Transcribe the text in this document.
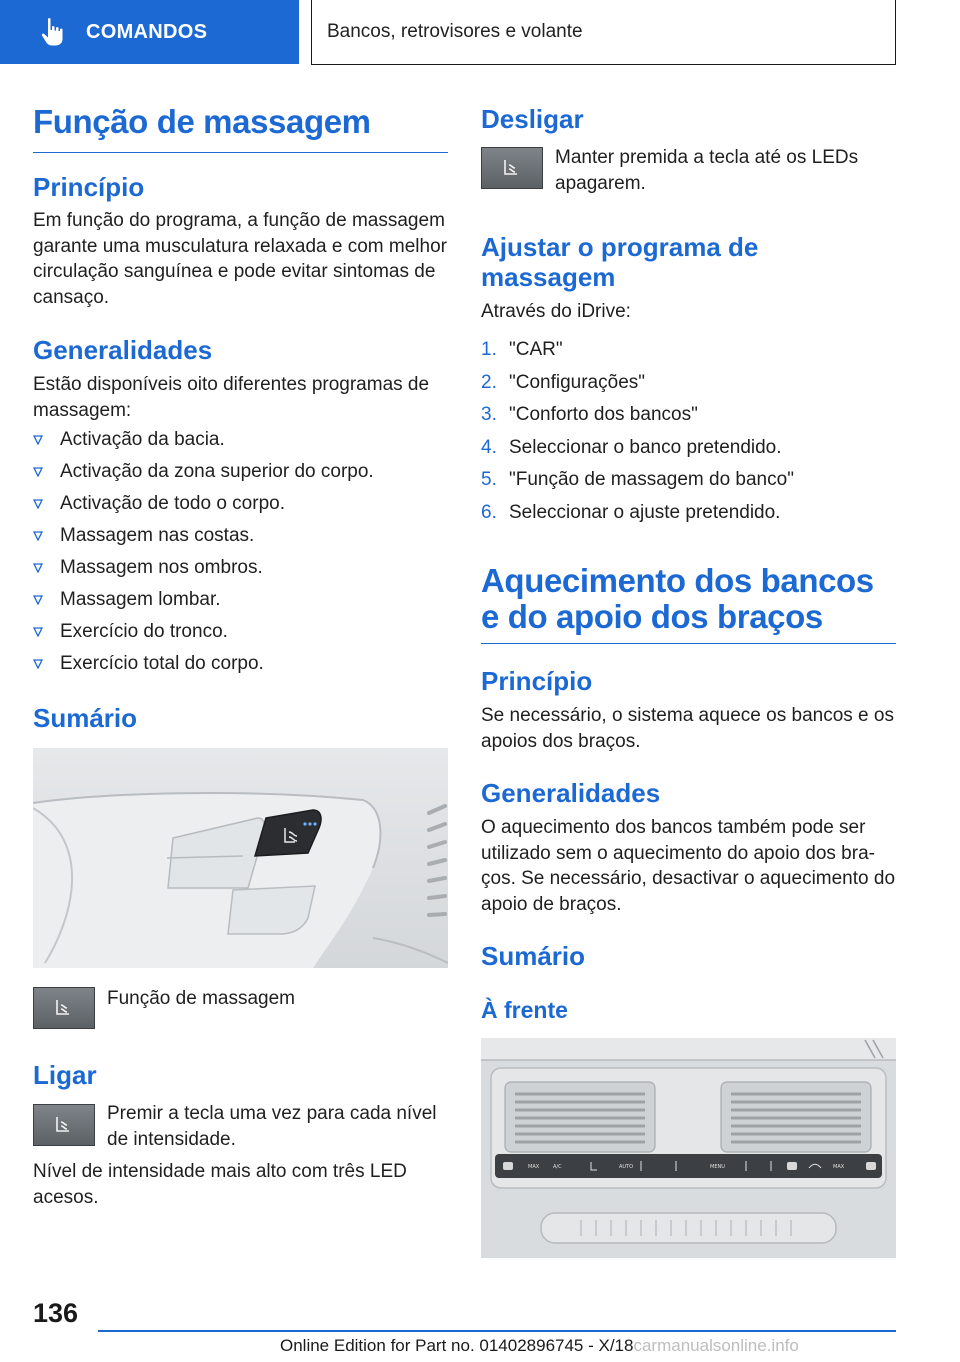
COMANDOS	Bancos, retrovisores e volante
Função de massagem
Princípio
Em função do programa, a função de massagem garante uma musculatura relaxada e com melhor circulação sanguínea e pode evitar sintomas de cansaço.
Generalidades
Estão disponíveis oito diferentes programas de massagem:
Activação da bacia.
Activação da zona superior do corpo.
Activação de todo o corpo.
Massagem nas costas.
Massagem nos ombros.
Massagem lombar.
Exercício do tronco.
Exercício total do corpo.
Sumário
Função de massagem
Ligar
Premir a tecla uma vez para cada nível de intensidade.
Nível de intensidade mais alto com três LED acesos.
Desligar
Manter premida a tecla até os LEDs apagarem.
Ajustar o programa de massagem
Através do iDrive:
1. "CAR"
2. "Configurações"
3. "Conforto dos bancos"
4. Seleccionar o banco pretendido.
5. "Função de massagem do banco"
6. Seleccionar o ajuste pretendido.
Aquecimento dos bancos e do apoio dos braços
Princípio
Se necessário, o sistema aquece os bancos e os apoios dos braços.
Generalidades
O aquecimento dos bancos também pode ser utilizado sem o aquecimento do apoio dos braços. Se necessário, desactivar o aquecimento do apoio de braços.
Sumário
À frente
MAX	A/C	AUTO	MENU	MAX
136
Online Edition for Part no. 01402896745 - X/18carmanualsonline.info
